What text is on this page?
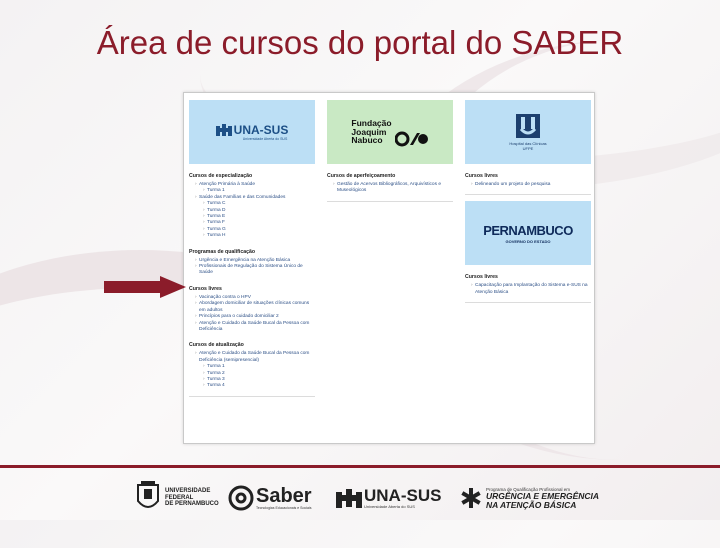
Área de cursos do portal do SABER
UNA-SUS
Universidade Aberta do SUS
Cursos de especialização
› Atenção Primária à Saúde
› Turma 1
› Saúde das Famílias e das Comunidades
› Turma C
› Turma D
› Turma E
› Turma F
› Turma G
› Turma H
Programas de qualificação
› Urgência e Emergência na Atenção Básica
› Profissionais de Regulação do Sistema Único de Saúde
Cursos livres
› Vacinação contra o HPV
› Abordagem domiciliar de situações clínicas comuns em adultos
› Princípios para o cuidado domiciliar 2
› Atenção e Cuidado da Saúde Bucal da Pessoa com Deficiência
Cursos de atualização
› Atenção e Cuidado da Saúde Bucal da Pessoa com Deficiência (semipresencial)
› Turma 1
› Turma 2
› Turma 3
› Turma 4
Fundação
Joaquim
Nabuco
Cursos de aperfeiçoamento
› Gestão de Acervos Bibliográficos, Arquivísticos e Museológicos
Hospital das Clínicas
UFPE
Cursos livres
› Delineando um projeto de pesquisa
PERNAMBUCO
GOVERNO DO ESTADO
Cursos livres
› Capacitação para Implantação do Sistema e-SUS na Atenção Básica
UNIVERSIDADE
FEDERAL
DE PERNAMBUCO Saber
Tecnologias Educacionais e Sociais
UNA-SUS
Universidade Aberta do SUS
Programa de Qualificação Profissional em
URGÊNCIA E EMERGÊNCIA
NA ATENÇÃO BÁSICA
